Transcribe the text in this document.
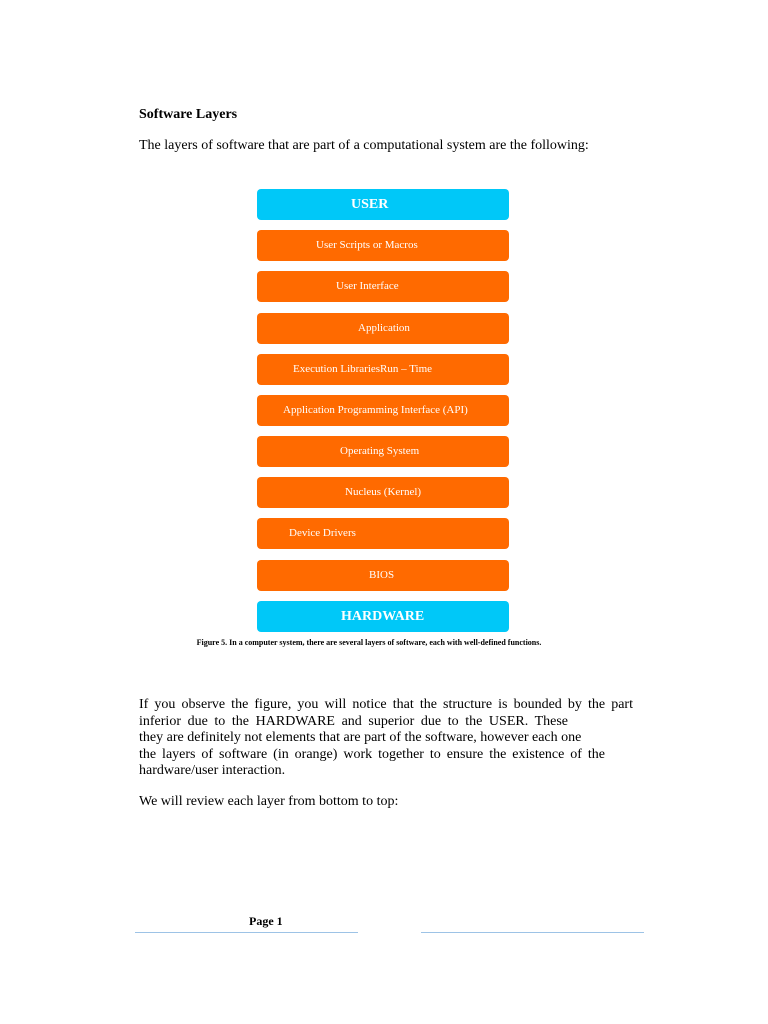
Software Layers
The layers of software that are part of a computational system are the following:
USER
User Scripts or Macros
User Interface
Application
Execution LibrariesRun – Time
Application Programming Interface (API)
Operating System
Nucleus (Kernel)
Device Drivers
BIOS
HARDWARE
Figure 5. In a computer system, there are several layers of software, each with well-defined functions.
If you observe the figure, you will notice that the structure is bounded by the part
inferior due to the HARDWARE and superior due to the USER. These
they are definitely not elements that are part of the software, however each one
the layers of software (in orange) work together to ensure the existence of the
hardware/user interaction.
We will review each layer from bottom to top:
Page 1
